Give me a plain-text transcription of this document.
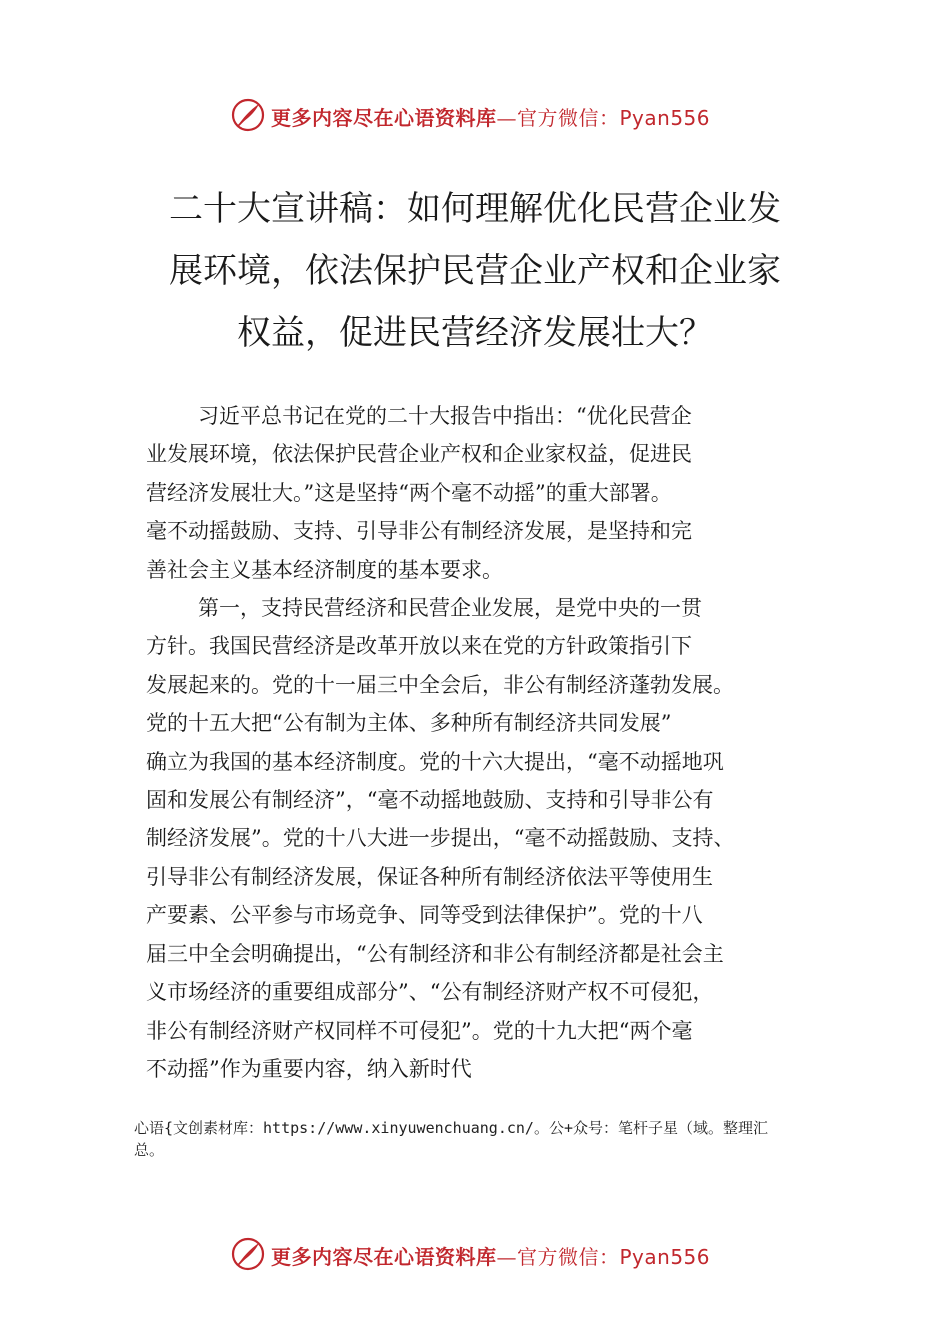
更多内容尽在心语资料库—官方微信：Pyan556
二十大宣讲稿：如何理解优化民营企业发
展环境，依法保护民营企业产权和企业家
权益，促进民营经济发展壮大？
习近平总书记在党的二十大报告中指出：“优化民营企
业发展环境，依法保护民营企业产权和企业家权益，促进民
营经济发展壮大。”这是坚持“两个毫不动摇”的重大部署。
毫不动摇鼓励、支持、引导非公有制经济发展，是坚持和完
善社会主义基本经济制度的基本要求。
第一，支持民营经济和民营企业发展，是党中央的一贯
方针。我国民营经济是改革开放以来在党的方针政策指引下
发展起来的。党的十一届三中全会后，非公有制经济蓬勃发展。
党的十五大把“公有制为主体、多种所有制经济共同发展”
确立为我国的基本经济制度。党的十六大提出，“毫不动摇地巩
固和发展公有制经济”，“毫不动摇地鼓励、支持和引导非公有
制经济发展”。党的十八大进一步提出，“毫不动摇鼓励、支持、
引导非公有制经济发展，保证各种所有制经济依法平等使用生
产要素、公平参与市场竞争、同等受到法律保护”。党的十八
届三中全会明确提出，“公有制经济和非公有制经济都是社会主
义市场经济的重要组成部分”、“公有制经济财产权不可侵犯，
非公有制经济财产权同样不可侵犯”。党的十九大把“两个毫
不动摇”作为重要内容，纳入新时代
心语{文创素材库：https://www.xinyuwenchuang.cn/。公+众号：笔杆子星（域。整理汇
总。
更多内容尽在心语资料库—官方微信：Pyan556
